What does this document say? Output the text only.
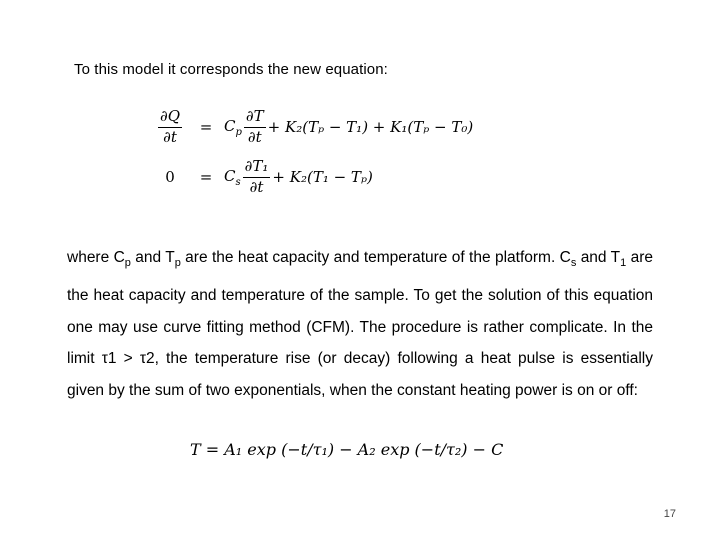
To this model it corresponds the new equation:
$\frac{\partial Q}{\partial t}$	= $C_p \frac{\partial T}{\partial t} + K_2(T_p - T_1) + K_1(T_p - T_0)$
0	= $C_s \frac{\text{∂T₁}}{\partial t} + K_2(T_1 - T_p)$

where $C_p$ and $T_p$ are the heat capacity and temperature of the platform. $C_s$ and $T_1$ are the heat capacity and temperature of the sample. To get the solution of this equation one may use curve fitting method (CFM). The procedure is rather complicate. In the limit τ1 > τ2, the temperature rise (or decay) following a heat pulse is essentially given by the sum of two exponentials, when the constant heating power is on or off:

T = A₁ exp (−t/τ₁) − A₂ exp (−t/τ₂) − C
17
